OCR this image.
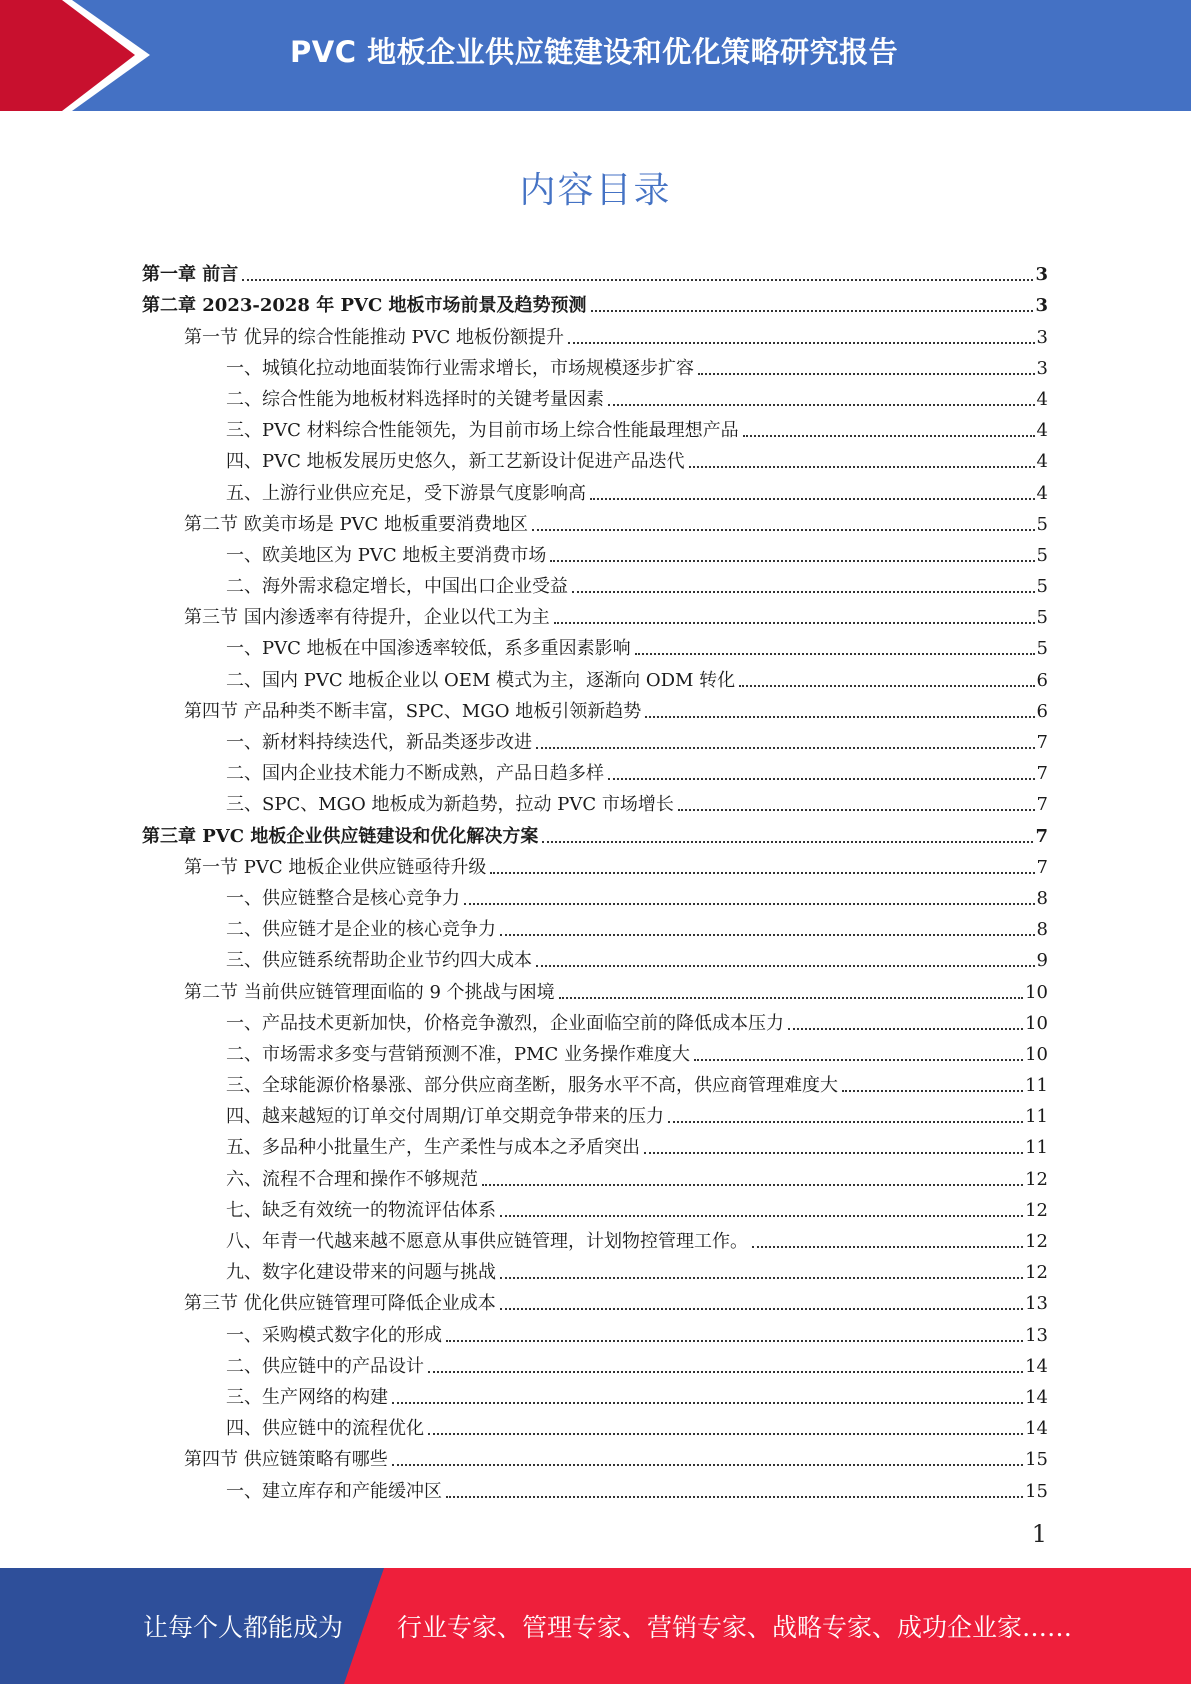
PVC 地板企业供应链建设和优化策略研究报告
内容目录
第一章 前言	3
第二章 2023-2028 年 PVC 地板市场前景及趋势预测	3
第一节 优异的综合性能推动 PVC 地板份额提升	3
一、城镇化拉动地面装饰行业需求增长，市场规模逐步扩容	3
二、综合性能为地板材料选择时的关键考量因素	4
三、PVC 材料综合性能领先，为目前市场上综合性能最理想产品	4
四、PVC 地板发展历史悠久，新工艺新设计促进产品迭代	4
五、上游行业供应充足，受下游景气度影响高	4
第二节 欧美市场是 PVC 地板重要消费地区	5
一、欧美地区为 PVC 地板主要消费市场	5
二、海外需求稳定增长，中国出口企业受益	5
第三节 国内渗透率有待提升，企业以代工为主	5
一、PVC 地板在中国渗透率较低，系多重因素影响	5
二、国内 PVC 地板企业以 OEM 模式为主，逐渐向 ODM 转化	6
第四节 产品种类不断丰富，SPC、MGO 地板引领新趋势	6
一、新材料持续迭代，新品类逐步改进	7
二、国内企业技术能力不断成熟，产品日趋多样	7
三、SPC、MGO 地板成为新趋势，拉动 PVC 市场增长	7
第三章 PVC 地板企业供应链建设和优化解决方案	7
第一节 PVC 地板企业供应链亟待升级	7
一、供应链整合是核心竞争力	8
二、供应链才是企业的核心竞争力	8
三、供应链系统帮助企业节约四大成本	9
第二节 当前供应链管理面临的 9 个挑战与困境	10
一、产品技术更新加快，价格竞争激烈，企业面临空前的降低成本压力	10
二、市场需求多变与营销预测不准，PMC 业务操作难度大	10
三、全球能源价格暴涨、部分供应商垄断，服务水平不高，供应商管理难度大	11
四、越来越短的订单交付周期/订单交期竞争带来的压力	11
五、多品种小批量生产，生产柔性与成本之矛盾突出	11
六、流程不合理和操作不够规范	12
七、缺乏有效统一的物流评估体系	12
八、年青一代越来越不愿意从事供应链管理，计划物控管理工作。	12
九、数字化建设带来的问题与挑战	12
第三节 优化供应链管理可降低企业成本	13
一、采购模式数字化的形成	13
二、供应链中的产品设计	14
三、生产网络的构建	14
四、供应链中的流程优化	14
第四节 供应链策略有哪些	15
一、建立库存和产能缓冲区	15
1
让每个人都能成为 行业专家、管理专家、营销专家、战略专家、成功企业家……
